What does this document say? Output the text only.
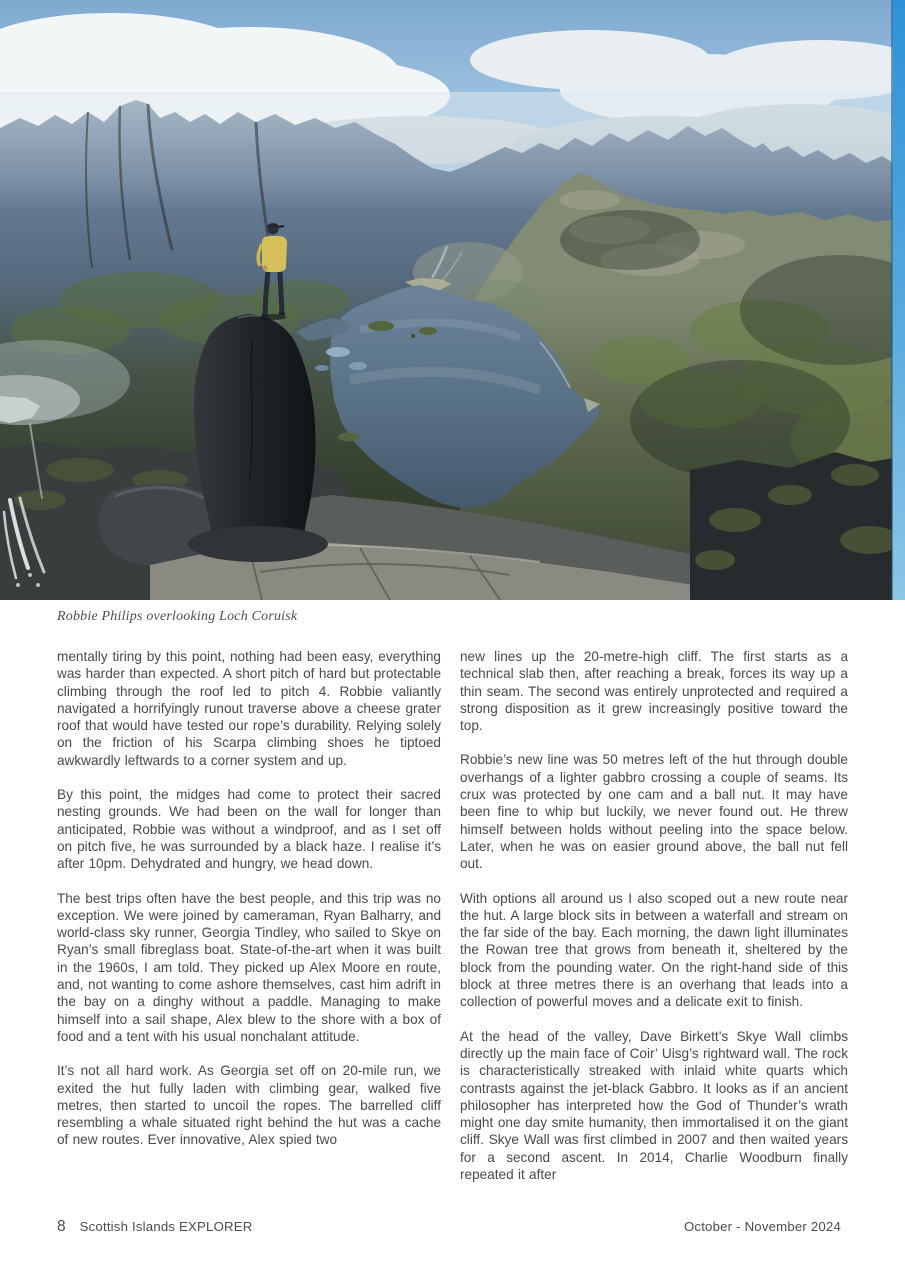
Robbie Philips overlooking Loch Coruisk

mentally tiring by this point, nothing had been easy, everything was harder than expected. A short pitch of hard but protectable climbing through the roof led to pitch 4. Robbie valiantly navigated a horrifyingly runout traverse above a cheese grater roof that would have tested our rope’s durability. Relying solely on the friction of his Scarpa climbing shoes he tiptoed awkwardly leftwards to a corner system and up.

By this point, the midges had come to protect their sacred nesting grounds. We had been on the wall for longer than anticipated, Robbie was without a windproof, and as I set off on pitch five, he was surrounded by a black haze. I realise it’s after 10pm. Dehydrated and hungry, we head down.

The best trips often have the best people, and this trip was no exception. We were joined by cameraman, Ryan Balharry, and world-class sky runner, Georgia Tindley, who sailed to Skye on Ryan’s small fibreglass boat. State-of-the-art when it was built in the 1960s, I am told. They picked up Alex Moore en route, and, not wanting to come ashore themselves, cast him adrift in the bay on a dinghy without a paddle. Managing to make himself into a sail shape, Alex blew to the shore with a box of food and a tent with his usual nonchalant attitude.

It’s not all hard work. As Georgia set off on 20-mile run, we exited the hut fully laden with climbing gear, walked five metres, then started to uncoil the ropes. The barrelled cliff resembling a whale situated right behind the hut was a cache of new routes. Ever innovative, Alex spied two

new lines up the 20-metre-high cliff. The first starts as a technical slab then, after reaching a break, forces its way up a thin seam. The second was entirely unprotected and required a strong disposition as it grew increasingly positive toward the top.

Robbie’s new line was 50 metres left of the hut through double overhangs of a lighter gabbro crossing a couple of seams. Its crux was protected by one cam and a ball nut. It may have been fine to whip but luckily, we never found out. He threw himself between holds without peeling into the space below. Later, when he was on easier ground above, the ball nut fell out.

With options all around us I also scoped out a new route near the hut. A large block sits in between a waterfall and stream on the far side of the bay. Each morning, the dawn light illuminates the Rowan tree that grows from beneath it, sheltered by the block from the pounding water. On the right-hand side of this block at three metres there is an overhang that leads into a collection of powerful moves and a delicate exit to finish.

At the head of the valley, Dave Birkett’s Skye Wall climbs directly up the main face of Coir’ Uisg’s rightward wall. The rock is characteristically streaked with inlaid white quarts which contrasts against the jet-black Gabbro. It looks as if an ancient philosopher has interpreted how the God of Thunder’s wrath might one day smite humanity, then immortalised it on the giant cliff. Skye Wall was first climbed in 2007 and then waited years for a second ascent. In 2014, Charlie Woodburn finally repeated it after

8 Scottish Islands EXPLORER	October - November 2024
